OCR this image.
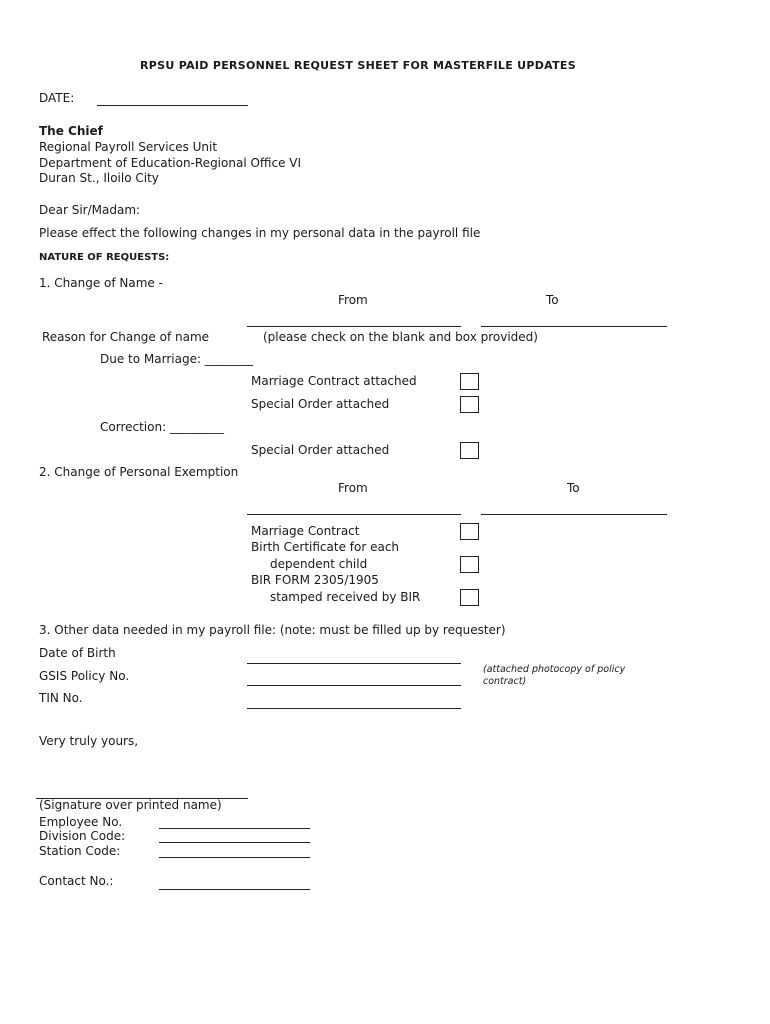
RPSU PAID PERSONNEL REQUEST SHEET FOR MASTERFILE UPDATES
DATE:
The Chief
Regional Payroll Services Unit
Department of Education-Regional Office VI
Duran St., Iloilo City
Dear Sir/Madam:
Please effect the following changes in my personal data in the payroll file
NATURE OF REQUESTS:
1. Change of Name -
From	To
Reason for Change of name	(please check on the blank and box provided)
Due to Marriage: ________
Marriage Contract attached
Special Order attached
Correction: _________
Special Order attached
2. Change of Personal Exemption
From	To
Marriage Contract
Birth Certificate for each
dependent child
BIR FORM 2305/1905
stamped received by BIR
3. Other data needed in my payroll file: (note: must be filled up by requester)
Date of Birth
GSIS Policy No.	(attached photocopy of policy
contract)
TIN No.
Very truly yours,
(Signature over printed name)
Employee No.
Division Code:
Station Code:
Contact No.:
